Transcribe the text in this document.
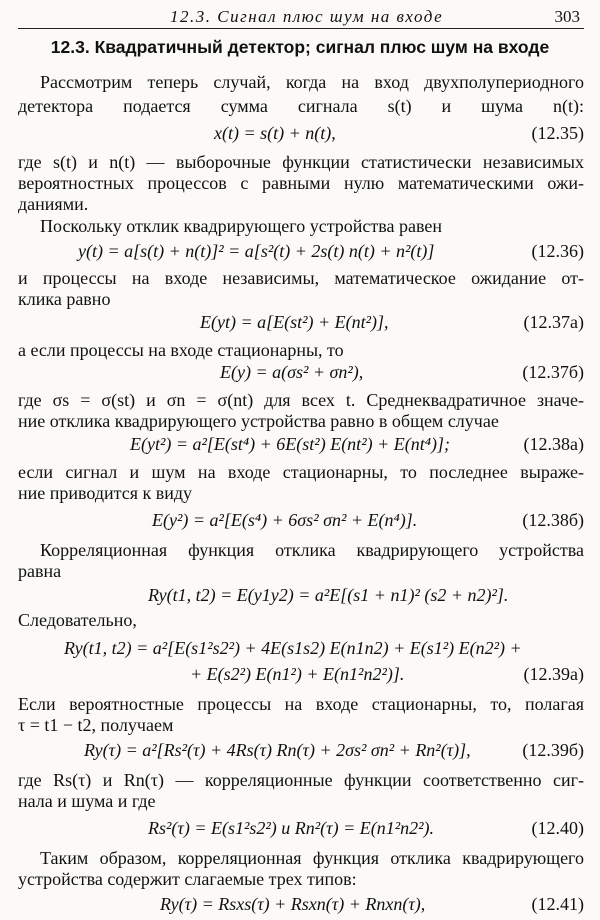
12.3. Сигнал плюс шум на входе	303
12.3. Квадратичный детектор; сигнал плюс шум на входе
Рассмотрим теперь случай, когда на вход двухполупериодного
детектора подается сумма сигнала s(t) и шума n(t):
x(t) = s(t) + n(t),	(12.35)
где s(t) и n(t) — выборочные функции статистически независимых
вероятностных процессов с равными нулю математическими ожи-
даниями.
Поскольку отклик квадрирующего устройства равен
y(t) = a[s(t) + n(t)]² = a[s²(t) + 2s(t) n(t) + n²(t)]	(12.36)
и процессы на входе независимы, математическое ожидание от-
клика равно
E(yt) = a[E(st²) + E(nt²)],	(12.37а)
а если процессы на входе стационарны, то
E(y) = a(σs² + σn²),	(12.37б)
где σs = σ(st) и σn = σ(nt) для всех t. Среднеквадратичное значе-
ние отклика квадрирующего устройства равно в общем случае
E(yt²) = a²[E(st⁴) + 6E(st²) E(nt²) + E(nt⁴)];	(12.38а)
если сигнал и шум на входе стационарны, то последнее выраже-
ние приводится к виду
E(y²) = a²[E(s⁴) + 6σs² σn² + E(n⁴)].	(12.38б)
Корреляционная функция отклика квадрирующего устройства
равна
Ry(t1, t2) = E(y1y2) = a²E[(s1 + n1)² (s2 + n2)²].
Следовательно,
Ry(t1, t2) = a²[E(s1²s2²) + 4E(s1s2) E(n1n2) + E(s1²) E(n2²) +
+ E(s2²) E(n1²) + E(n1²n2²)].	(12.39а)
Если вероятностные процессы на входе стационарны, то, полагая
τ = t1 − t2, получаем
Ry(τ) = a²[Rs²(τ) + 4Rs(τ) Rn(τ) + 2σs² σn² + Rn²(τ)],	(12.39б)
где Rs(τ) и Rn(τ) — корреляционные функции соответственно сиг-
нала и шума и где
Rs²(τ) = E(s1²s2²) и Rn²(τ) = E(n1²n2²).	(12.40)
Таким образом, корреляционная функция отклика квадрирующего
устройства содержит слагаемые трех типов:
Ry(τ) = Rsxs(τ) + Rsxn(τ) + Rnxn(τ),	(12.41)
